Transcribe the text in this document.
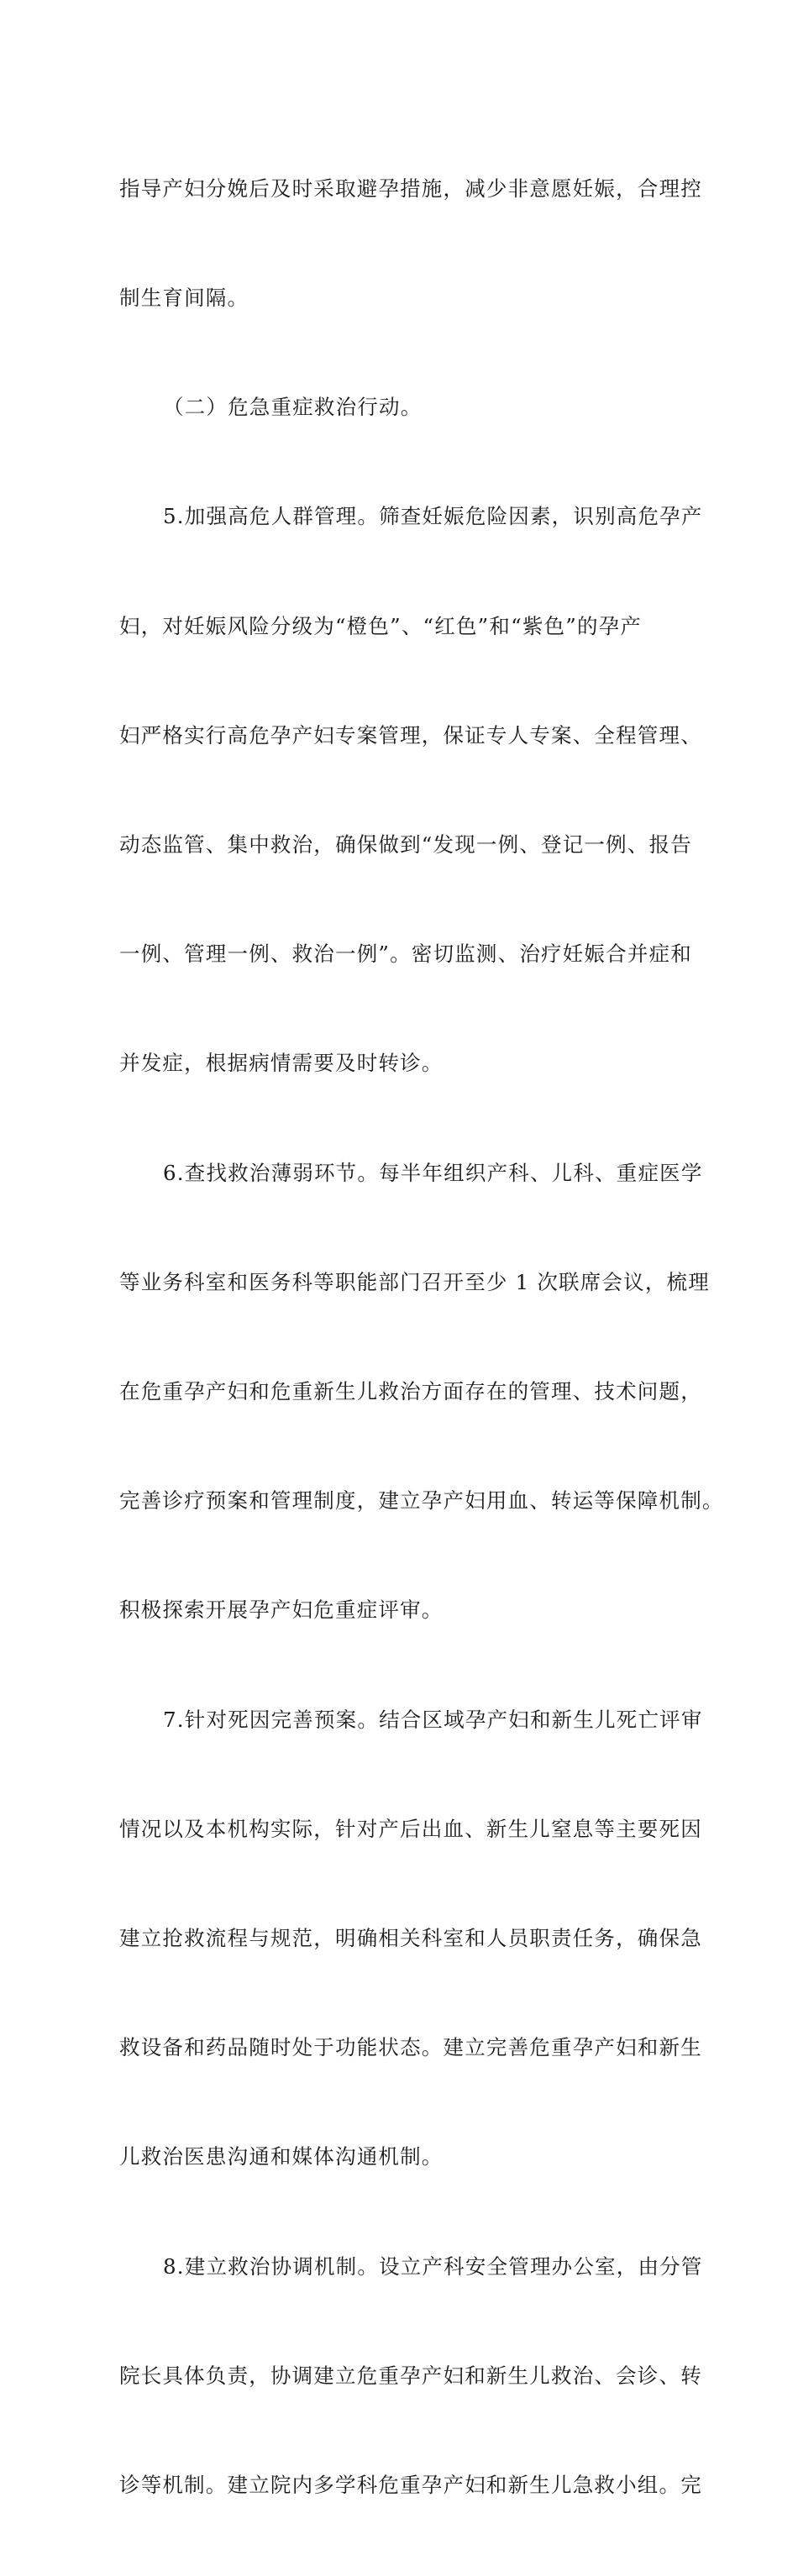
指导产妇分娩后及时采取避孕措施，减少非意愿妊娠，合理控

制生育间隔。

（二）危急重症救治行动。

5.加强高危人群管理。筛查妊娠危险因素，识别高危孕产

妇，对妊娠风险分级为“橙色”、“红色”和“紫色”的孕产

妇严格实行高危孕产妇专案管理，保证专人专案、全程管理、

动态监管、集中救治，确保做到“发现一例、登记一例、报告

一例、管理一例、救治一例”。密切监测、治疗妊娠合并症和

并发症，根据病情需要及时转诊。

6.查找救治薄弱环节。每半年组织产科、儿科、重症医学

等业务科室和医务科等职能部门召开至少 1 次联席会议，梳理

在危重孕产妇和危重新生儿救治方面存在的管理、技术问题，

完善诊疗预案和管理制度，建立孕产妇用血、转运等保障机制。

积极探索开展孕产妇危重症评审。

7.针对死因完善预案。结合区域孕产妇和新生儿死亡评审

情况以及本机构实际，针对产后出血、新生儿窒息等主要死因

建立抢救流程与规范，明确相关科室和人员职责任务，确保急

救设备和药品随时处于功能状态。建立完善危重孕产妇和新生

儿救治医患沟通和媒体沟通机制。

8.建立救治协调机制。设立产科安全管理办公室，由分管

院长具体负责，协调建立危重孕产妇和新生儿救治、会诊、转

诊等机制。建立院内多学科危重孕产妇和新生儿急救小组。完
